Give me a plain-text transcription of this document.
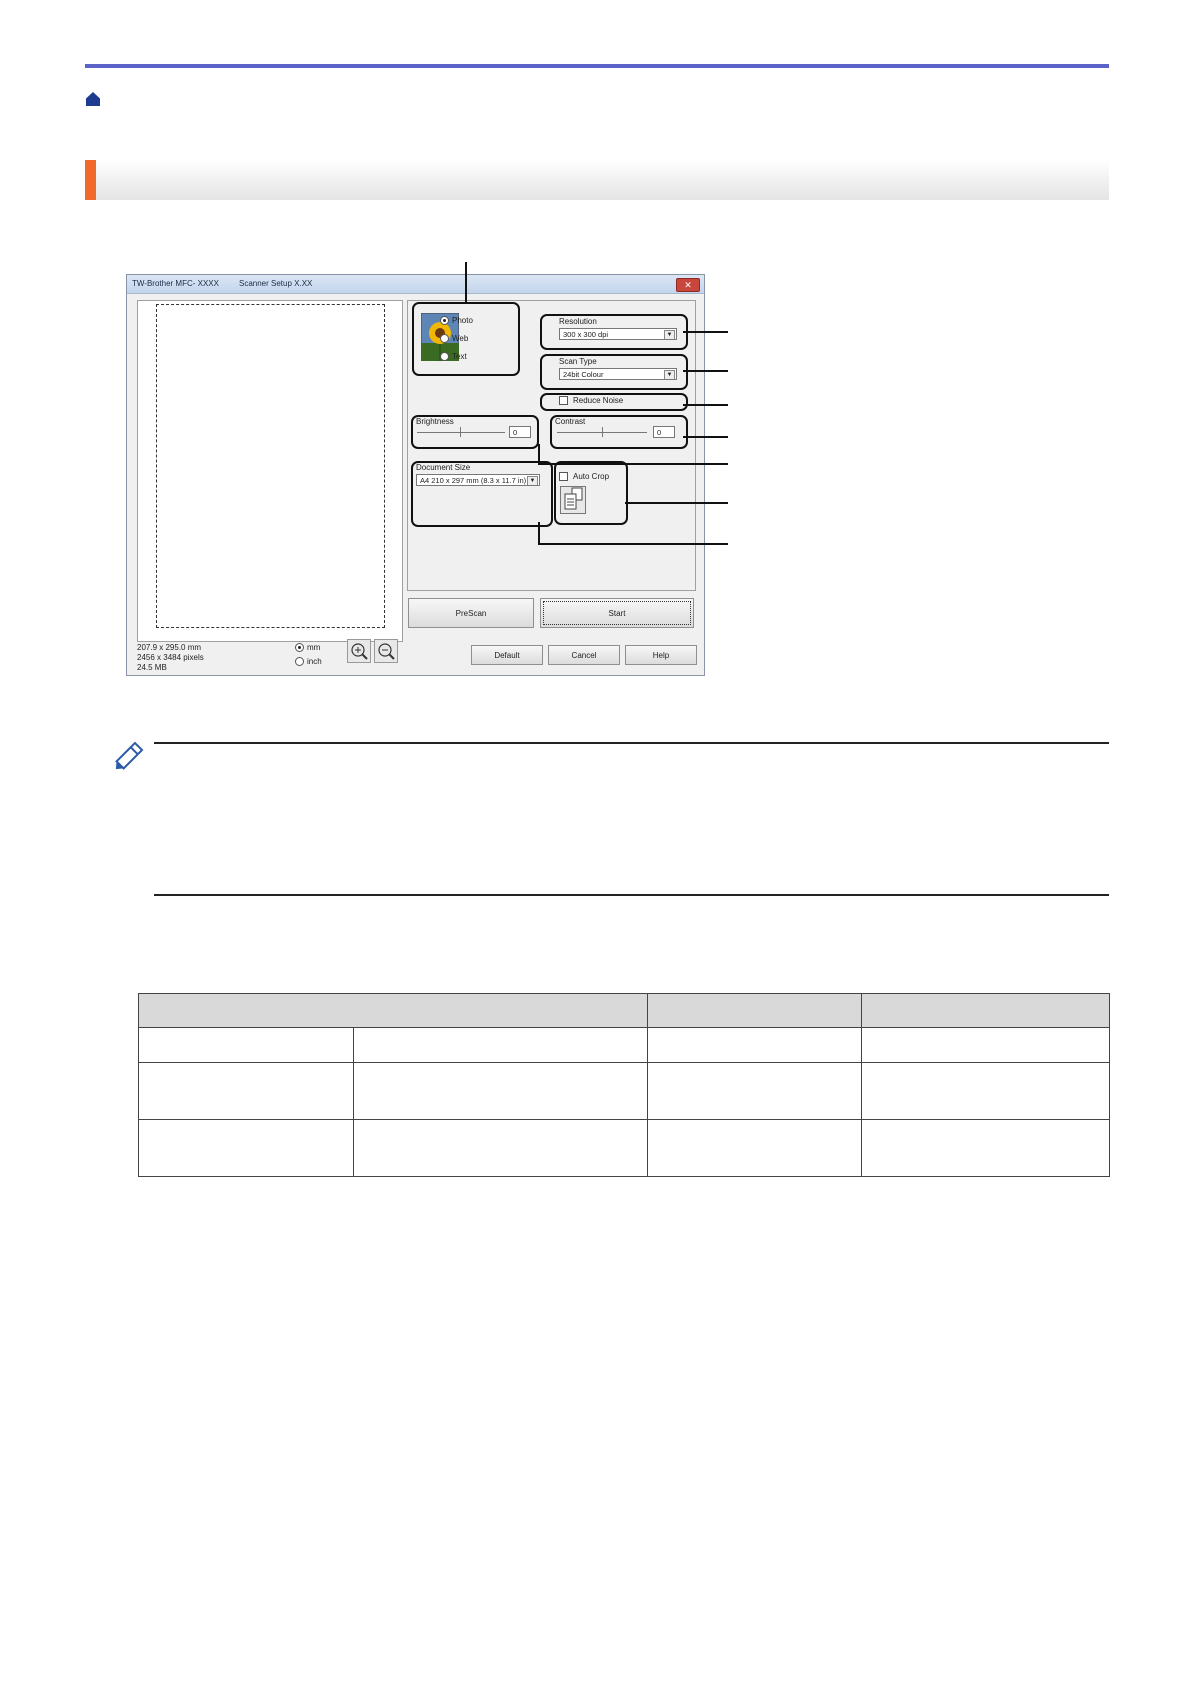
TW-Brother MFC- XXXX	Scanner Setup X.XX	✕
207.9 x 295.0 mm
2456 x 3484 pixels
24.5 MB
mm
inch
Photo
Web
Text
Resolution
300 x 300 dpi	▼
Scan Type
24bit Colour	▼
Reduce Noise
Brightness
0
Contrast
0
Document Size
A4 210 x 297 mm (8.3 x 11.7 in) ▼	Auto Crop
PreScan	Start
Default	Cancel	Help
